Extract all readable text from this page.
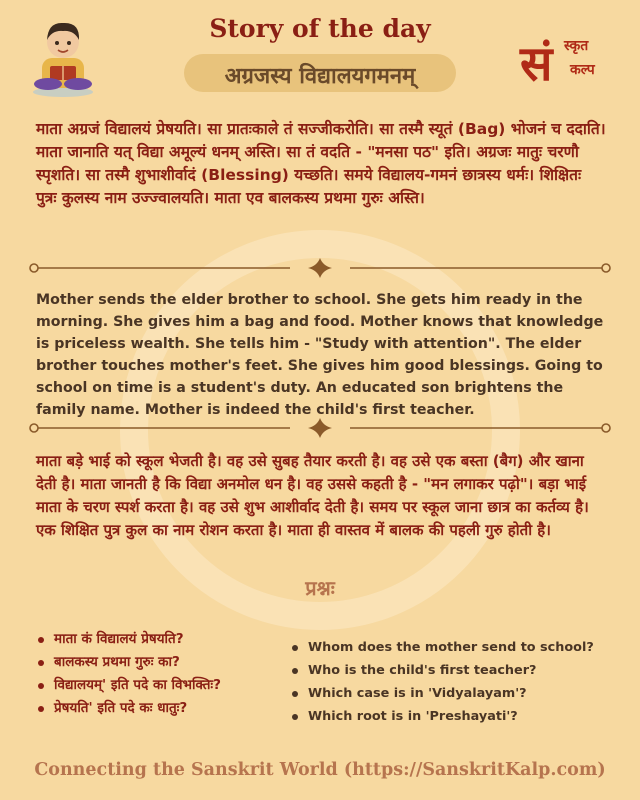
Story of the day
अग्रजस्य विद्यालयगमनम्	सं स्कृत
कल्प
माता अग्रजं विद्यालयं प्रेषयति। सा प्रातःकाले तं सज्जीकरोति। सा तस्मै स्यूतं (Bag) भोजनं च ददाति। माता जानाति यत् विद्या अमूल्यं धनम् अस्ति। सा तं वदति - "मनसा पठ" इति। अग्रजः मातुः चरणौ स्पृशति। सा तस्मै शुभाशीर्वादं (Blessing) यच्छति। समये विद्यालय-गमनं छात्रस्य धर्मः। शिक्षितः पुत्रः कुलस्य नाम उज्ज्वालयति। माता एव बालकस्य प्रथमा गुरुः अस्ति।
Mother sends the elder brother to school. She gets him ready in the morning. She gives him a bag and food. Mother knows that knowledge is priceless wealth. She tells him - "Study with attention". The elder brother touches mother's feet. She gives him good blessings. Going to school on time is a student's duty. An educated son brightens the family name. Mother is indeed the child's first teacher.
माता बड़े भाई को स्कूल भेजती है। वह उसे सुबह तैयार करती है। वह उसे एक बस्ता (बैग) और खाना देती है। माता जानती है कि विद्या अनमोल धन है। वह उससे कहती है - "मन लगाकर पढ़ो"। बड़ा भाई माता के चरण स्पर्श करता है। वह उसे शुभ आशीर्वाद देती है। समय पर स्कूल जाना छात्र का कर्तव्य है। एक शिक्षित पुत्र कुल का नाम रोशन करता है। माता ही वास्तव में बालक की पहली गुरु होती है।
प्रश्नः
माता कं विद्यालयं प्रेषयति?
बालकस्य प्रथमा गुरुः का?
विद्यालयम्' इति पदे का विभक्तिः?
प्रेषयति' इति पदे कः धातुः?
Whom does the mother send to school?
Who is the child's first teacher?
Which case is in 'Vidyalayam'?
Which root is in 'Preshayati'?
Connecting the Sanskrit World (https://SanskritKalp.com)
